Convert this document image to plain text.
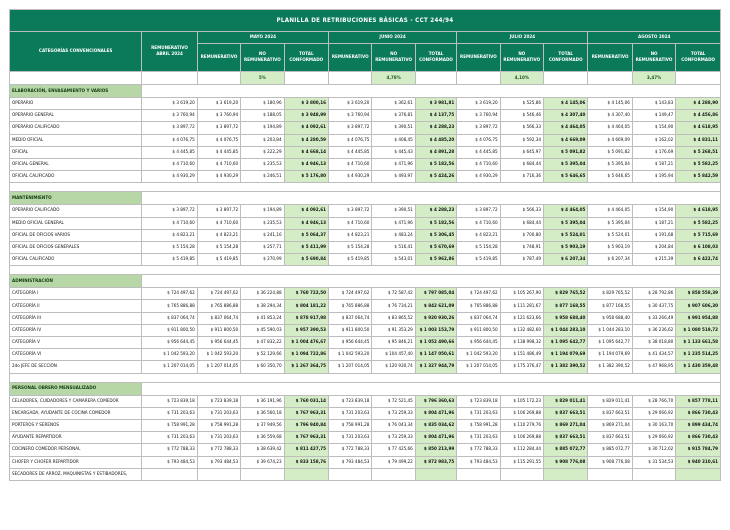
PLANILLA DE RETRIBUCIONES BÁSICAS - CCT 244/94													
CATEGORÍAS CONVENCIONALES	REMUNERATIVO ABRIL 2024	MAYO 2024			JUNIO 2024			JULIO 2024			AGOSTO 2024		
		REMUNERATIVO	NO REMUNERATIVO	TOTAL CONFORMADO	REMUNERATIVO	NO REMUNERATIVO	TOTAL CONFORMADO	REMUNERATIVO	NO REMUNERATIVO	TOTAL CONFORMADO	REMUNERATIVO	NO REMUNERATIVO	TOTAL CONFORMADO
			5%			4,78%			4,10%			3,47%	
ELABORACIÓN, ENVASAMIENTO Y VARIOS													
OPERARIO	$ 3 619,20	$ 3 619,20	$ 180,96	$ 3 800,16	$ 3 619,20	$ 362,61	$ 3 981,81	$ 3 619,20	$ 525,86	$ 4 145,06	$ 4 145,06	$ 143,83	$ 4 288,90
OPERARIO GENERAL	$ 3 760,94	$ 3 760,94	$ 188,05	$ 3 948,99	$ 3 760,94	$ 376,81	$ 4 137,75	$ 3 760,94	$ 546,46	$ 4 307,40	$ 4 307,40	$ 149,47	$ 4 456,86
OPERARIO CALIFICADO	$ 3 897,72	$ 3 897,72	$ 194,89	$ 4 092,61	$ 3 897,72	$ 390,51	$ 4 288,23	$ 3 897,72	$ 566,33	$ 4 464,05	$ 4 464,05	$ 154,90	$ 4 618,95
MEDIO OFICIAL	$ 4 076,75	$ 4 076,75	$ 203,84	$ 4 280,59	$ 4 076,75	$ 408,45	$ 4 485,20	$ 4 076,75	$ 592,34	$ 4 669,09	$ 4 669,09	$ 162,02	$ 4 831,11
OFICIAL	$ 4 445,85	$ 4 445,85	$ 222,29	$ 4 668,14	$ 4 445,85	$ 445,43	$ 4 891,28	$ 4 445,85	$ 645,97	$ 5 091,82	$ 5 091,82	$ 176,69	$ 5 268,51
OFICIAL GENERAL	$ 4 710,60	$ 4 710,60	$ 235,53	$ 4 946,13	$ 4 710,60	$ 471,96	$ 5 182,56	$ 4 710,60	$ 684,44	$ 5 395,04	$ 5 395,04	$ 187,21	$ 5 582,25
OFICIAL CALIFICADO	$ 4 930,29	$ 4 930,29	$ 246,51	$ 5 176,80	$ 4 930,29	$ 493,97	$ 5 424,26	$ 4 930,29	$ 716,36	$ 5 646,65	$ 5 646,65	$ 195,94	$ 5 842,59

MANTENIMIENTO													
OPERARIO CALIFICADO	$ 3 897,72	$ 3 897,72	$ 194,89	$ 4 092,61	$ 3 897,72	$ 390,51	$ 4 288,23	$ 3 897,72	$ 566,33	$ 4 464,05	$ 4 464,05	$ 154,90	$ 4 618,95
MEDIO OFICIAL GENERAL	$ 4 710,60	$ 4 710,60	$ 235,53	$ 4 946,13	$ 4 710,60	$ 471,96	$ 5 182,56	$ 4 710,60	$ 684,44	$ 5 395,04	$ 5 395,04	$ 187,21	$ 5 582,25
OFICIAL DE OFICIOS VARIOS	$ 4 823,21	$ 4 823,21	$ 241,16	$ 5 064,37	$ 4 823,21	$ 483,24	$ 5 306,45	$ 4 823,21	$ 700,80	$ 5 524,01	$ 5 524,01	$ 191,68	$ 5 715,69
OFICIAL DE OFICIOS GENERALES	$ 5 154,28	$ 5 154,28	$ 257,71	$ 5 411,99	$ 5 154,28	$ 516,41	$ 5 670,69	$ 5 154,28	$ 748,91	$ 5 903,19	$ 5 903,19	$ 204,84	$ 6 108,03
OFICIAL CALIFICADO	$ 5 419,85	$ 5 419,85	$ 270,99	$ 5 690,84	$ 5 419,85	$ 543,01	$ 5 962,86	$ 5 419,85	$ 787,49	$ 6 207,34	$ 6 207,34	$ 215,39	$ 6 422,74

ADMINISTRACIÓN													
CATEGORÍA I	$ 724 497,62	$ 724 497,62	$ 36 224,88	$ 760 722,50	$ 724 497,62	$ 72 587,42	$ 797 085,04	$ 724 497,62	$ 105 267,90	$ 829 765,52	$ 829 765,52	$ 28 792,86	$ 858 558,39
CATEGORÍA II	$ 765 886,88	$ 765 886,88	$ 38 294,34	$ 804 181,22	$ 765 886,88	$ 76 734,21	$ 842 621,09	$ 765 886,88	$ 111 281,67	$ 877 168,55	$ 877 168,55	$ 30 437,75	$ 907 606,30
CATEGORÍA III	$ 837 064,74	$ 837 064,74	$ 41 853,24	$ 878 917,98	$ 837 064,74	$ 83 865,52	$ 920 930,26	$ 837 064,74	$ 121 623,66	$ 958 688,40	$ 958 688,40	$ 33 266,49	$ 991 954,88
CATEGORÍA IV	$ 911 800,50	$ 911 800,50	$ 45 590,03	$ 957 390,53	$ 911 800,50	$ 91 353,29	$ 1 003 153,79	$ 911 800,50	$ 132 482,60	$ 1 044 283,10	$ 1 044 283,10	$ 36 236,62	$ 1 080 519,72
CATEGORÍA V	$ 956 644,45	$ 956 644,45	$ 47 832,22	$ 1 004 476,67	$ 956 644,45	$ 95 846,21	$ 1 052 490,66	$ 956 644,45	$ 138 998,32	$ 1 095 642,77	$ 1 095 642,77	$ 38 018,80	$ 1 133 661,58
CATEGORÍA VI	$ 1 042 593,20	$ 1 042 593,20	$ 52 129,66	$ 1 094 722,86	$ 1 042 593,20	$ 104 457,40	$ 1 147 050,61	$ 1 042 593,20	$ 151 486,49	$ 1 194 079,69	$ 1 194 079,69	$ 41 434,57	$ 1 235 514,25
2do JEFE DE SECCIÓN	$ 1 207 014,05	$ 1 207 014,05	$ 60 350,70	$ 1 267 364,75	$ 1 207 014,05	$ 120 930,74	$ 1 327 944,79	$ 1 207 014,05	$ 175 376,47	$ 1 382 390,52	$ 1 382 390,52	$ 47 968,95	$ 1 430 359,48

PERSONAL OBRERO MENSUALIZADO													
CELADORES, CUIDADORES Y CAMARERA COMEDOR	$ 723 839,18	$ 723 839,18	$ 36 191,96	$ 760 031,14	$ 723 839,18	$ 72 521,45	$ 796 360,63	$ 723 839,18	$ 105 172,23	$ 829 011,41	$ 829 011,41	$ 28 766,70	$ 857 778,11
ENCARGADA, AYUDANTE DE COCINA COMEDOR	$ 731 203,63	$ 731 203,63	$ 36 560,18	$ 767 963,31	$ 731 203,63	$ 73 259,33	$ 804 471,96	$ 731 203,63	$ 106 269,88	$ 837 663,51	$ 837 663,51	$ 29 066,92	$ 866 730,43
PORTEROS Y SERENOS	$ 758 991,28	$ 758 991,28	$ 37 949,56	$ 796 940,84	$ 758 991,28	$ 76 043,34	$ 835 034,62	$ 758 991,28	$ 110 279,76	$ 869 271,04	$ 869 271,04	$ 30 163,70	$ 899 434,74
AYUDANTE REPARTIDOR	$ 731 203,63	$ 731 203,63	$ 36 559,68	$ 767 963,31	$ 731 203,63	$ 73 259,33	$ 804 471,96	$ 731 203,63	$ 106 269,88	$ 837 663,51	$ 837 663,51	$ 29 066,92	$ 866 730,43
COCINERO COMEDOR PERSONAL	$ 772 788,33	$ 772 788,33	$ 38 639,42	$ 811 427,75	$ 772 788,33	$ 77 425,66	$ 850 213,99	$ 772 788,33	$ 112 284,44	$ 885 072,77	$ 885 072,77	$ 30 712,02	$ 915 784,79
CHOFER Y CHOFER REPARTIDOR	$ 793 484,53	$ 793 484,53	$ 39 674,23	$ 833 158,76	$ 793 484,53	$ 79 499,22	$ 872 983,75	$ 793 484,53	$ 115 291,55	$ 908 776,08	$ 908 776,08	$ 31 534,53	$ 940 310,61
SECADORES DE ARROZ, MAQUINISTAS Y ESTIBADORES,													
